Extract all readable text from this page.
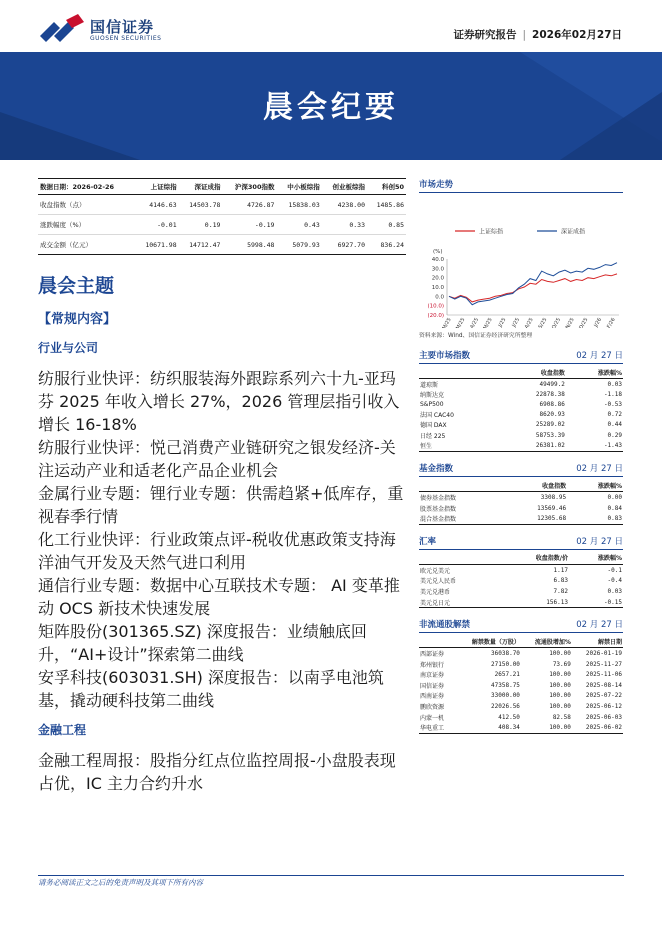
国信证券
GUOSEN SECURITIES	证券研究报告 | 2026年02月27日
晨会纪要
数据日期：2026-02-26	上证综指	深证成指	沪深300指数	中小板综指	创业板综指	科创50
收盘指数（点）	4146.63	14503.78	4726.87	15838.03	4238.00	1485.86
涨跌幅度（%）	-0.01	0.19	-0.19	0.43	0.33	0.85
成交金额（亿元）	10671.98	14712.47	5998.48	5079.93	6927.70	836.24
晨会主题
【常规内容】
行业与公司
纺服行业快评：纺织服装海外跟踪系列六十九-亚玛芬 2025 年收入增长 27%，2026 管理层指引收入增长 16-18%
纺服行业快评：悦己消费产业链研究之银发经济-关注运动产业和适老化产品企业机会
金属行业专题：锂行业专题：供需趋紧+低库存，重视春季行情
化工行业快评：行业政策点评-税收优惠政策支持海洋油气开发及天然气进口利用
通信行业专题：数据中心互联技术专题： AI 变革推动 OCS 新技术快速发展
矩阵股份(301365.SZ) 深度报告：业绩触底回升，“AI+设计”探索第二曲线
安孚科技(603031.SH) 深度报告：以南孚电池筑基，撬动硬科技第二曲线
金融工程
金融工程周报：股指分红点位监控周报-小盘股表现占优，IC 主力合约升水
市场走势
上证综指	深证成指
(%)
40.0
30.0
20.0
10.0
0.0
(10.0)
(20.0)
M/25 M/25 A/25 M/25 J/25 J/25 A/25 S/25 O/25 N/25 D/25 J/26 F/26
资料来源：Wind、国信证券经济研究所整理
主要市场指数	02 月 27 日
	收盘指数	涨跌幅%
道琼斯	49499.2	0.03
纳斯达克	22878.38	-1.18
S&P500	6908.86	-0.53
法国 CAC40	8620.93	0.72
德国 DAX	25289.02	0.44
日经 225	58753.39	0.29
恒生	26381.02	-1.43
基金指数	02 月 27 日
	收盘指数	涨跌幅%
债券基金指数	3308.95	0.00
股票基金指数	13569.46	0.84
混合基金指数	12305.68	0.83
汇率	02 月 27 日
	收盘指数/价	涨跌幅%
欧元兑美元	1.17	-0.1
美元兑人民币	6.83	-0.4
美元兑港币	7.82	0.03
美元兑日元	156.13	-0.15
非流通股解禁	02 月 27 日
	解禁数量（万股）	流通股增加%	解禁日期
西部证券	36038.70	100.00	2026-01-19
郑州银行	27150.00	73.69	2025-11-27
南京证券	2657.21	100.00	2025-11-06
国信证券	47358.75	100.00	2025-08-14
西南证券	33000.00	100.00	2025-07-22
鹏欣资源	22026.56	100.00	2025-06-12
内蒙一机	412.50	82.58	2025-06-03
华电重工	408.34	100.00	2025-06-02
请务必阅读正文之后的免责声明及其项下所有内容
